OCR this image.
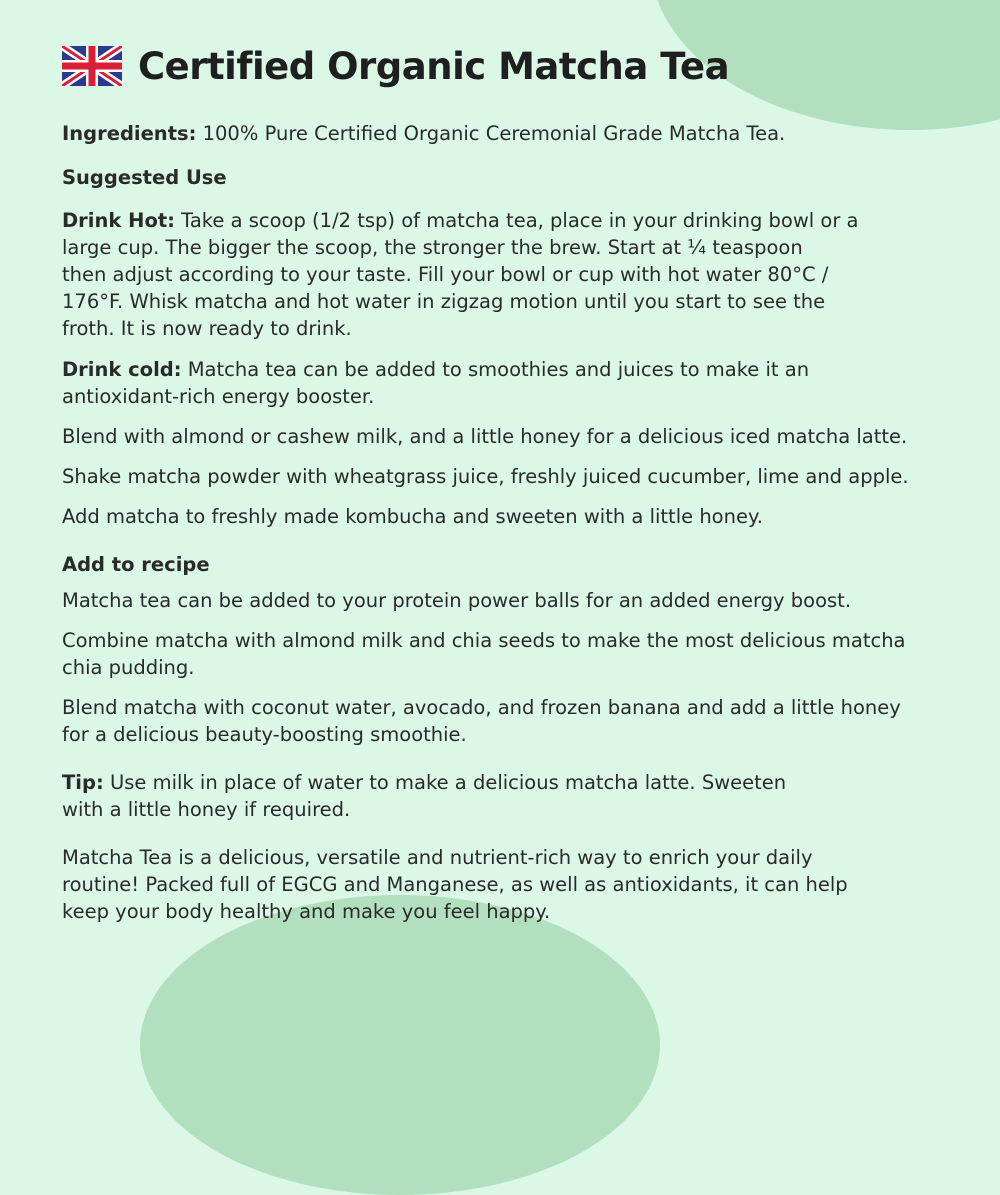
Certified Organic Matcha Tea

Ingredients: 100% Pure Certified Organic Ceremonial Grade Matcha Tea.

Suggested Use

Drink Hot: Take a scoop (1/2 tsp) of matcha tea, place in your drinking bowl or a
large cup. The bigger the scoop, the stronger the brew. Start at ¼ teaspoon
then adjust according to your taste. Fill your bowl or cup with hot water 80°C /
176°F. Whisk matcha and hot water in zigzag motion until you start to see the
froth. It is now ready to drink.

Drink cold: Matcha tea can be added to smoothies and juices to make it an
antioxidant-rich energy booster.

Blend with almond or cashew milk, and a little honey for a delicious iced matcha latte.

Shake matcha powder with wheatgrass juice, freshly juiced cucumber, lime and apple.

Add matcha to freshly made kombucha and sweeten with a little honey.

Add to recipe

Matcha tea can be added to your protein power balls for an added energy boost.

Combine matcha with almond milk and chia seeds to make the most delicious matcha
chia pudding.

Blend matcha with coconut water, avocado, and frozen banana and add a little honey
for a delicious beauty-boosting smoothie.

Tip: Use milk in place of water to make a delicious matcha latte. Sweeten
with a little honey if required.

Matcha Tea is a delicious, versatile and nutrient-rich way to enrich your daily
routine! Packed full of EGCG and Manganese, as well as antioxidants, it can help
keep your body healthy and make you feel happy.
